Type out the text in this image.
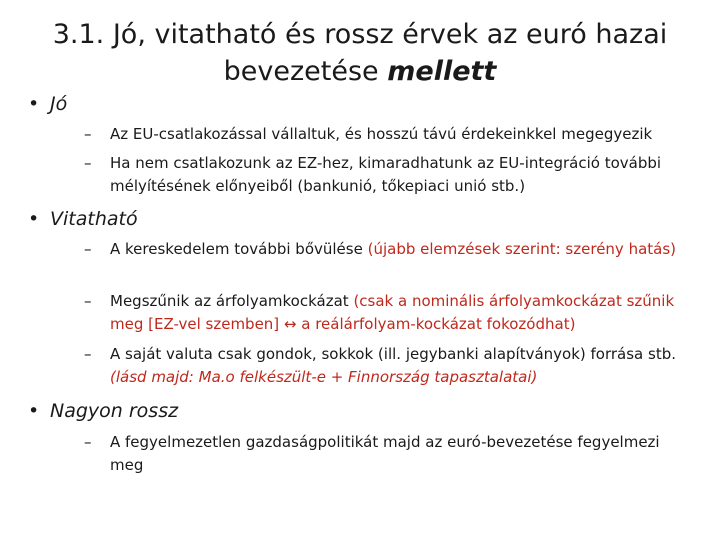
3.1. Jó, vitatható és rossz érvek az euró hazai bevezetése mellett
• Jó
– Az EU-csatlakozással vállaltuk, és hosszú távú érdekeinkkel megegyezik
– Ha nem csatlakozunk az EZ-hez, kimaradhatunk az EU-integráció további mélyítésének előnyeiből (bankunió, tőkepiaci unió stb.)
• Vitatható
– A kereskedelem további bővülése (újabb elemzések szerint: szerény hatás)
– Megszűnik az árfolyamkockázat (csak a nominális árfolyamkockázat szűnik meg [EZ-vel szemben] ↔ a reálárfolyam-kockázat fokozódhat)
– A saját valuta csak gondok, sokkok (ill. jegybanki alapítványok) forrása stb. (lásd majd: Ma.o felkészült-e + Finnország tapasztalatai)
• Nagyon rossz
– A fegyelmezetlen gazdaságpolitikát majd az euró-bevezetése fegyelmezi meg
